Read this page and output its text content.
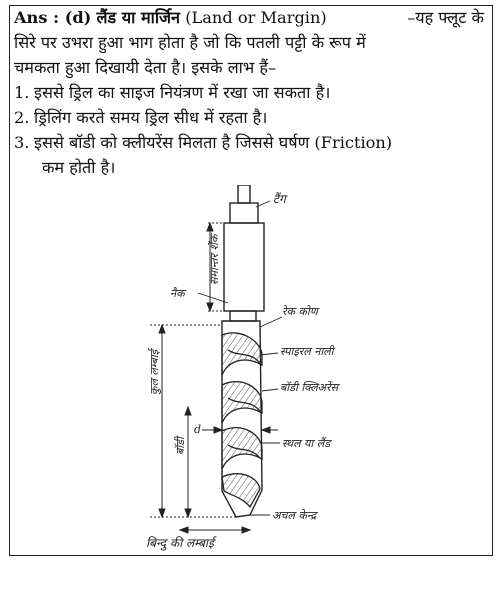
Ans : (d) लैंड या मार्जिन (Land or Margin)	–यह फ्लूट के
सिरे पर उभरा हुआ भाग होता है जो कि पतली पट्टी के रूप में
चमकता हुआ दिखायी देता है। इसके लाभ हैं–
1. इससे ड्रिल का साइज नियंत्रण में रखा जा सकता है।
2. ड्रिलिंग करते समय ड्रिल सीध में रहता है।
3. इससे बॉडी को क्लीयरेंस मिलता है जिससे घर्षण (Friction)
कम होती है।
टैंग
समान्तर शैंक
नैक
रेक कोण
स्पाइरल नाली
बॉडी क्लिअरेंस
स्थल या लैंड
अचल केन्द्र
कुल लम्बाई
बॉडी
d
बिन्दु की लम्बाई
